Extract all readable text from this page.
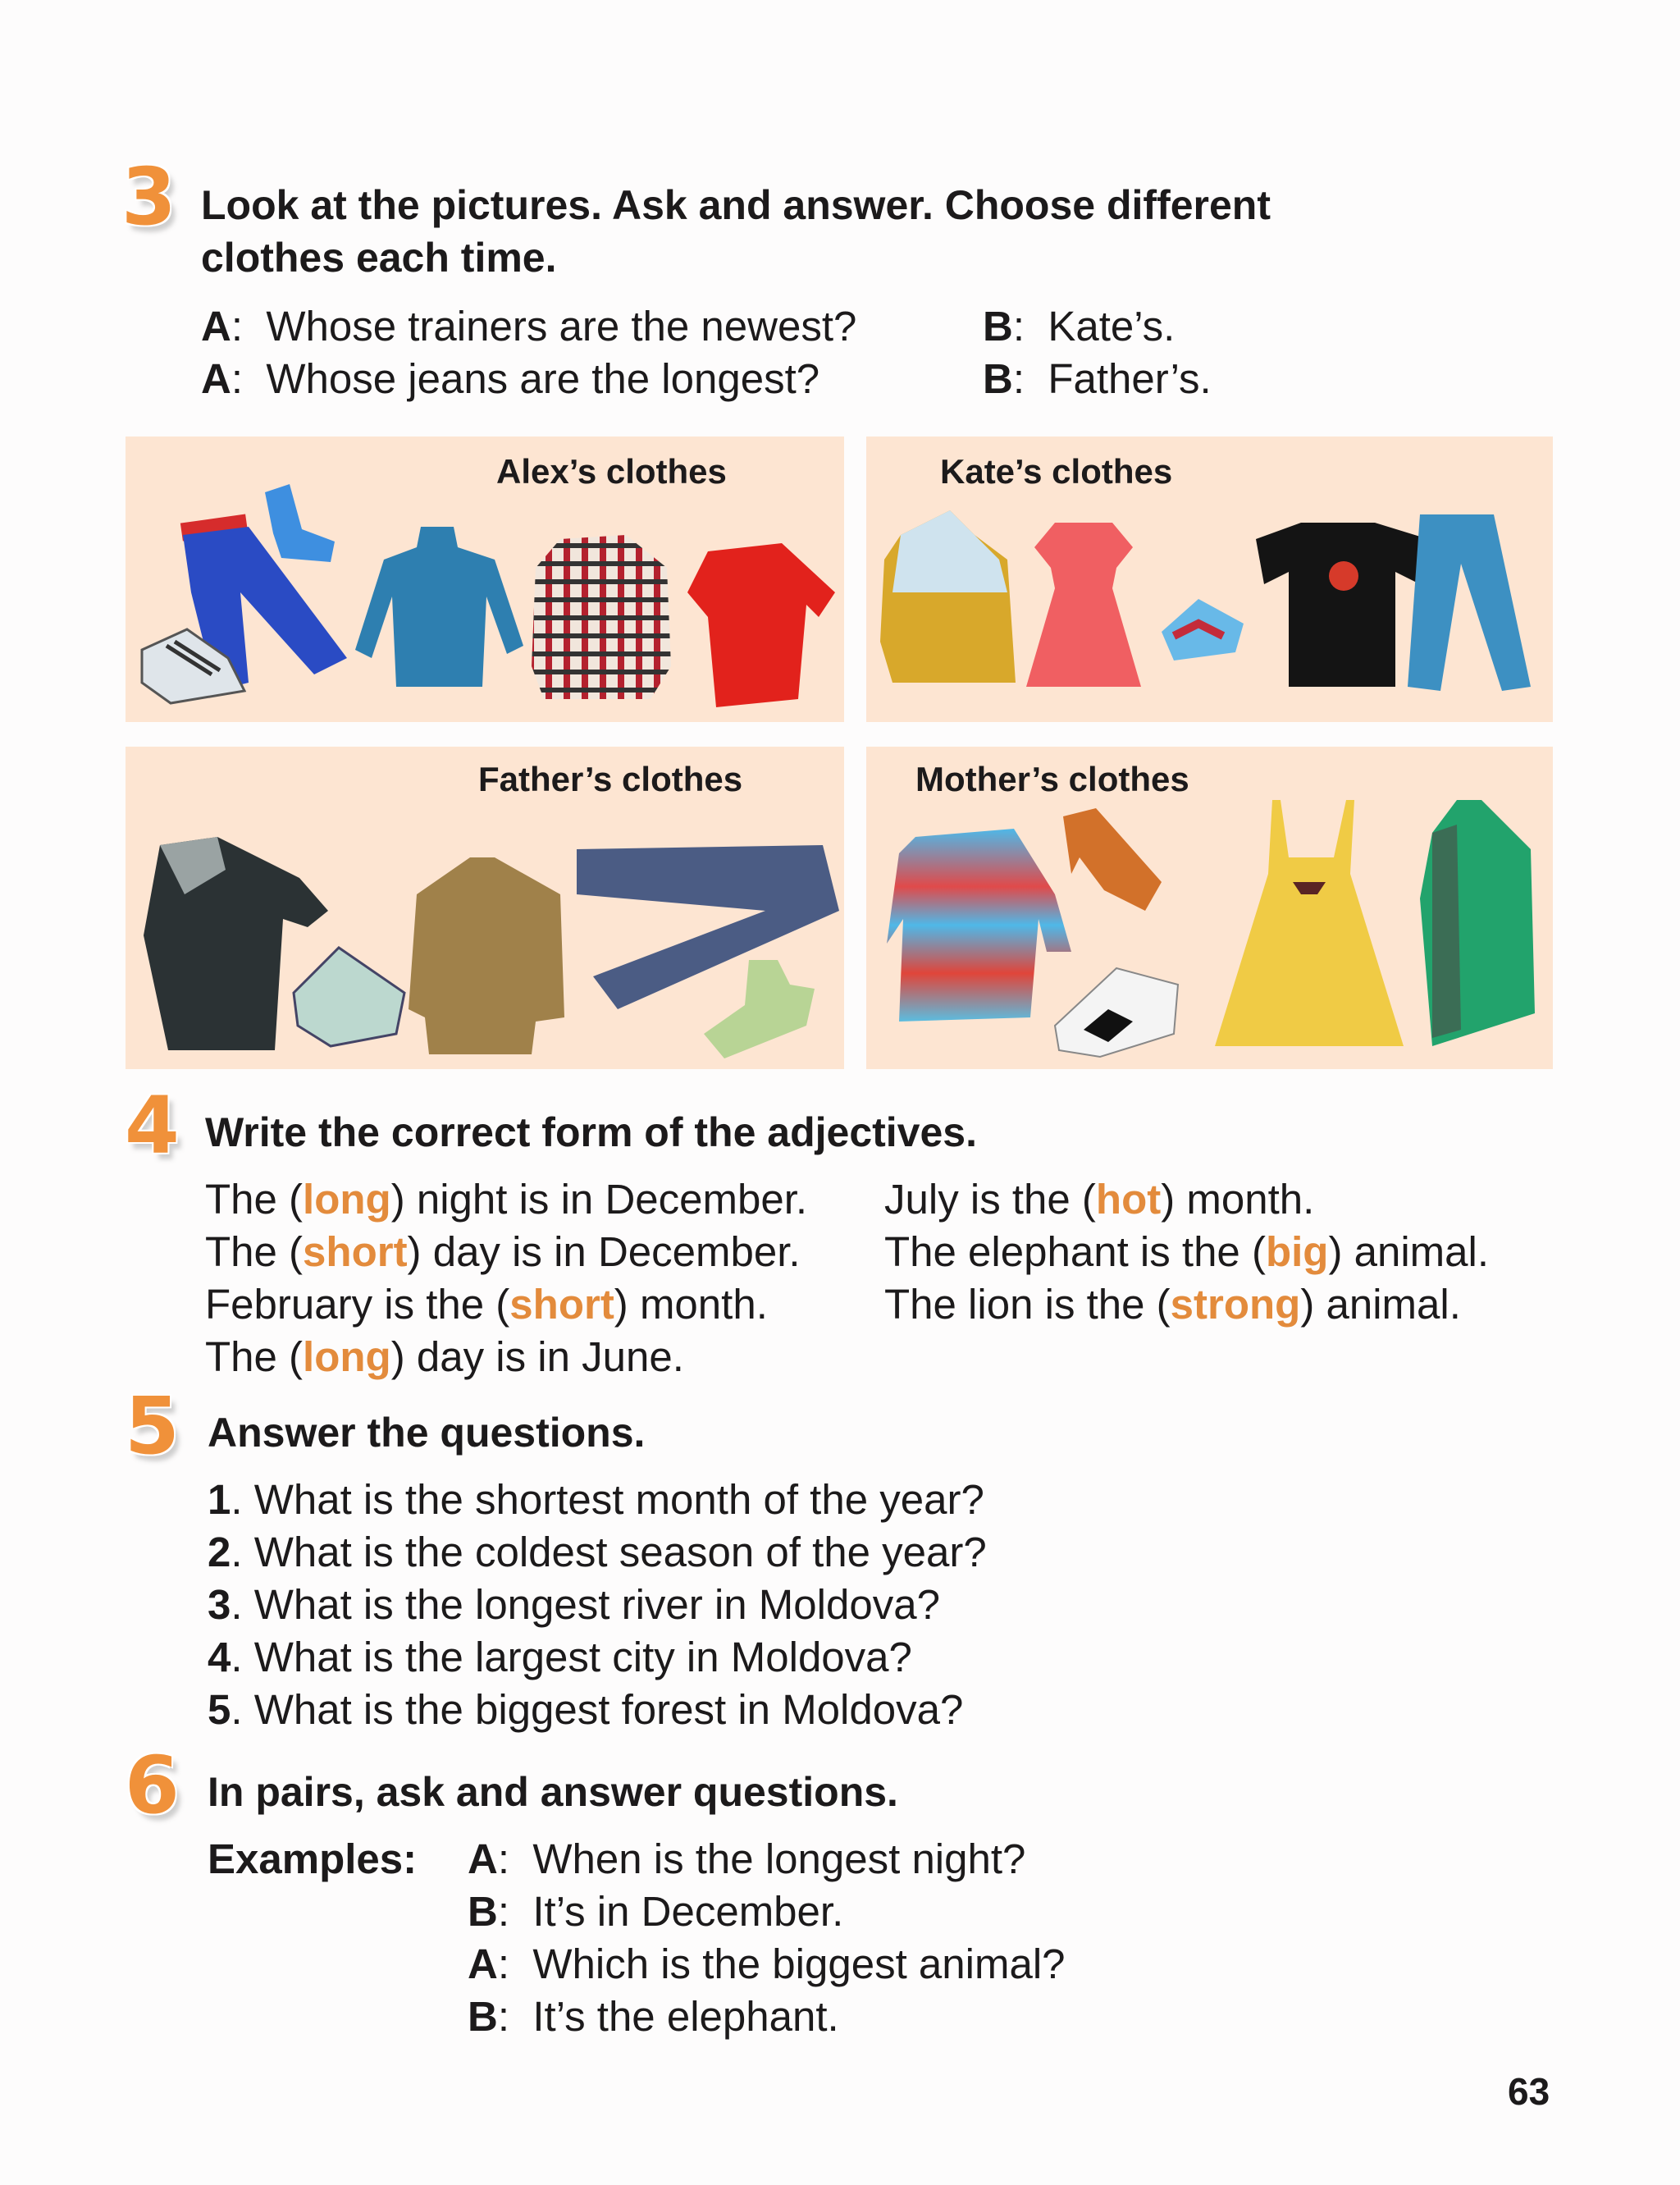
3 Look at the pictures. Ask and answer. Choose different
clothes each time.
A:  Whose trainers are the newest?	B:  Kate’s.
A:  Whose jeans are the longest?	B:  Father’s.
Alex’s clothes	Kate’s clothes
Father’s clothes	Mother’s clothes
4 Write the correct form of the adjectives.
The (long) night is in December.
The (short) day is in December.
February is the (short) month.
The (long) day is in June.
July is the (hot) month.
The elephant is the (big) animal.
The lion is the (strong) animal.
5 Answer the questions.
1. What is the shortest month of the year?
2. What is the coldest season of the year?
3. What is the longest river in Moldova?
4. What is the largest city in Moldova?
5. What is the biggest forest in Moldova?
6 In pairs, ask and answer questions.
Examples: A:  When is the longest night?
B:  It’s in December.
A:  Which is the biggest animal?
B:  It’s the elephant.
63
